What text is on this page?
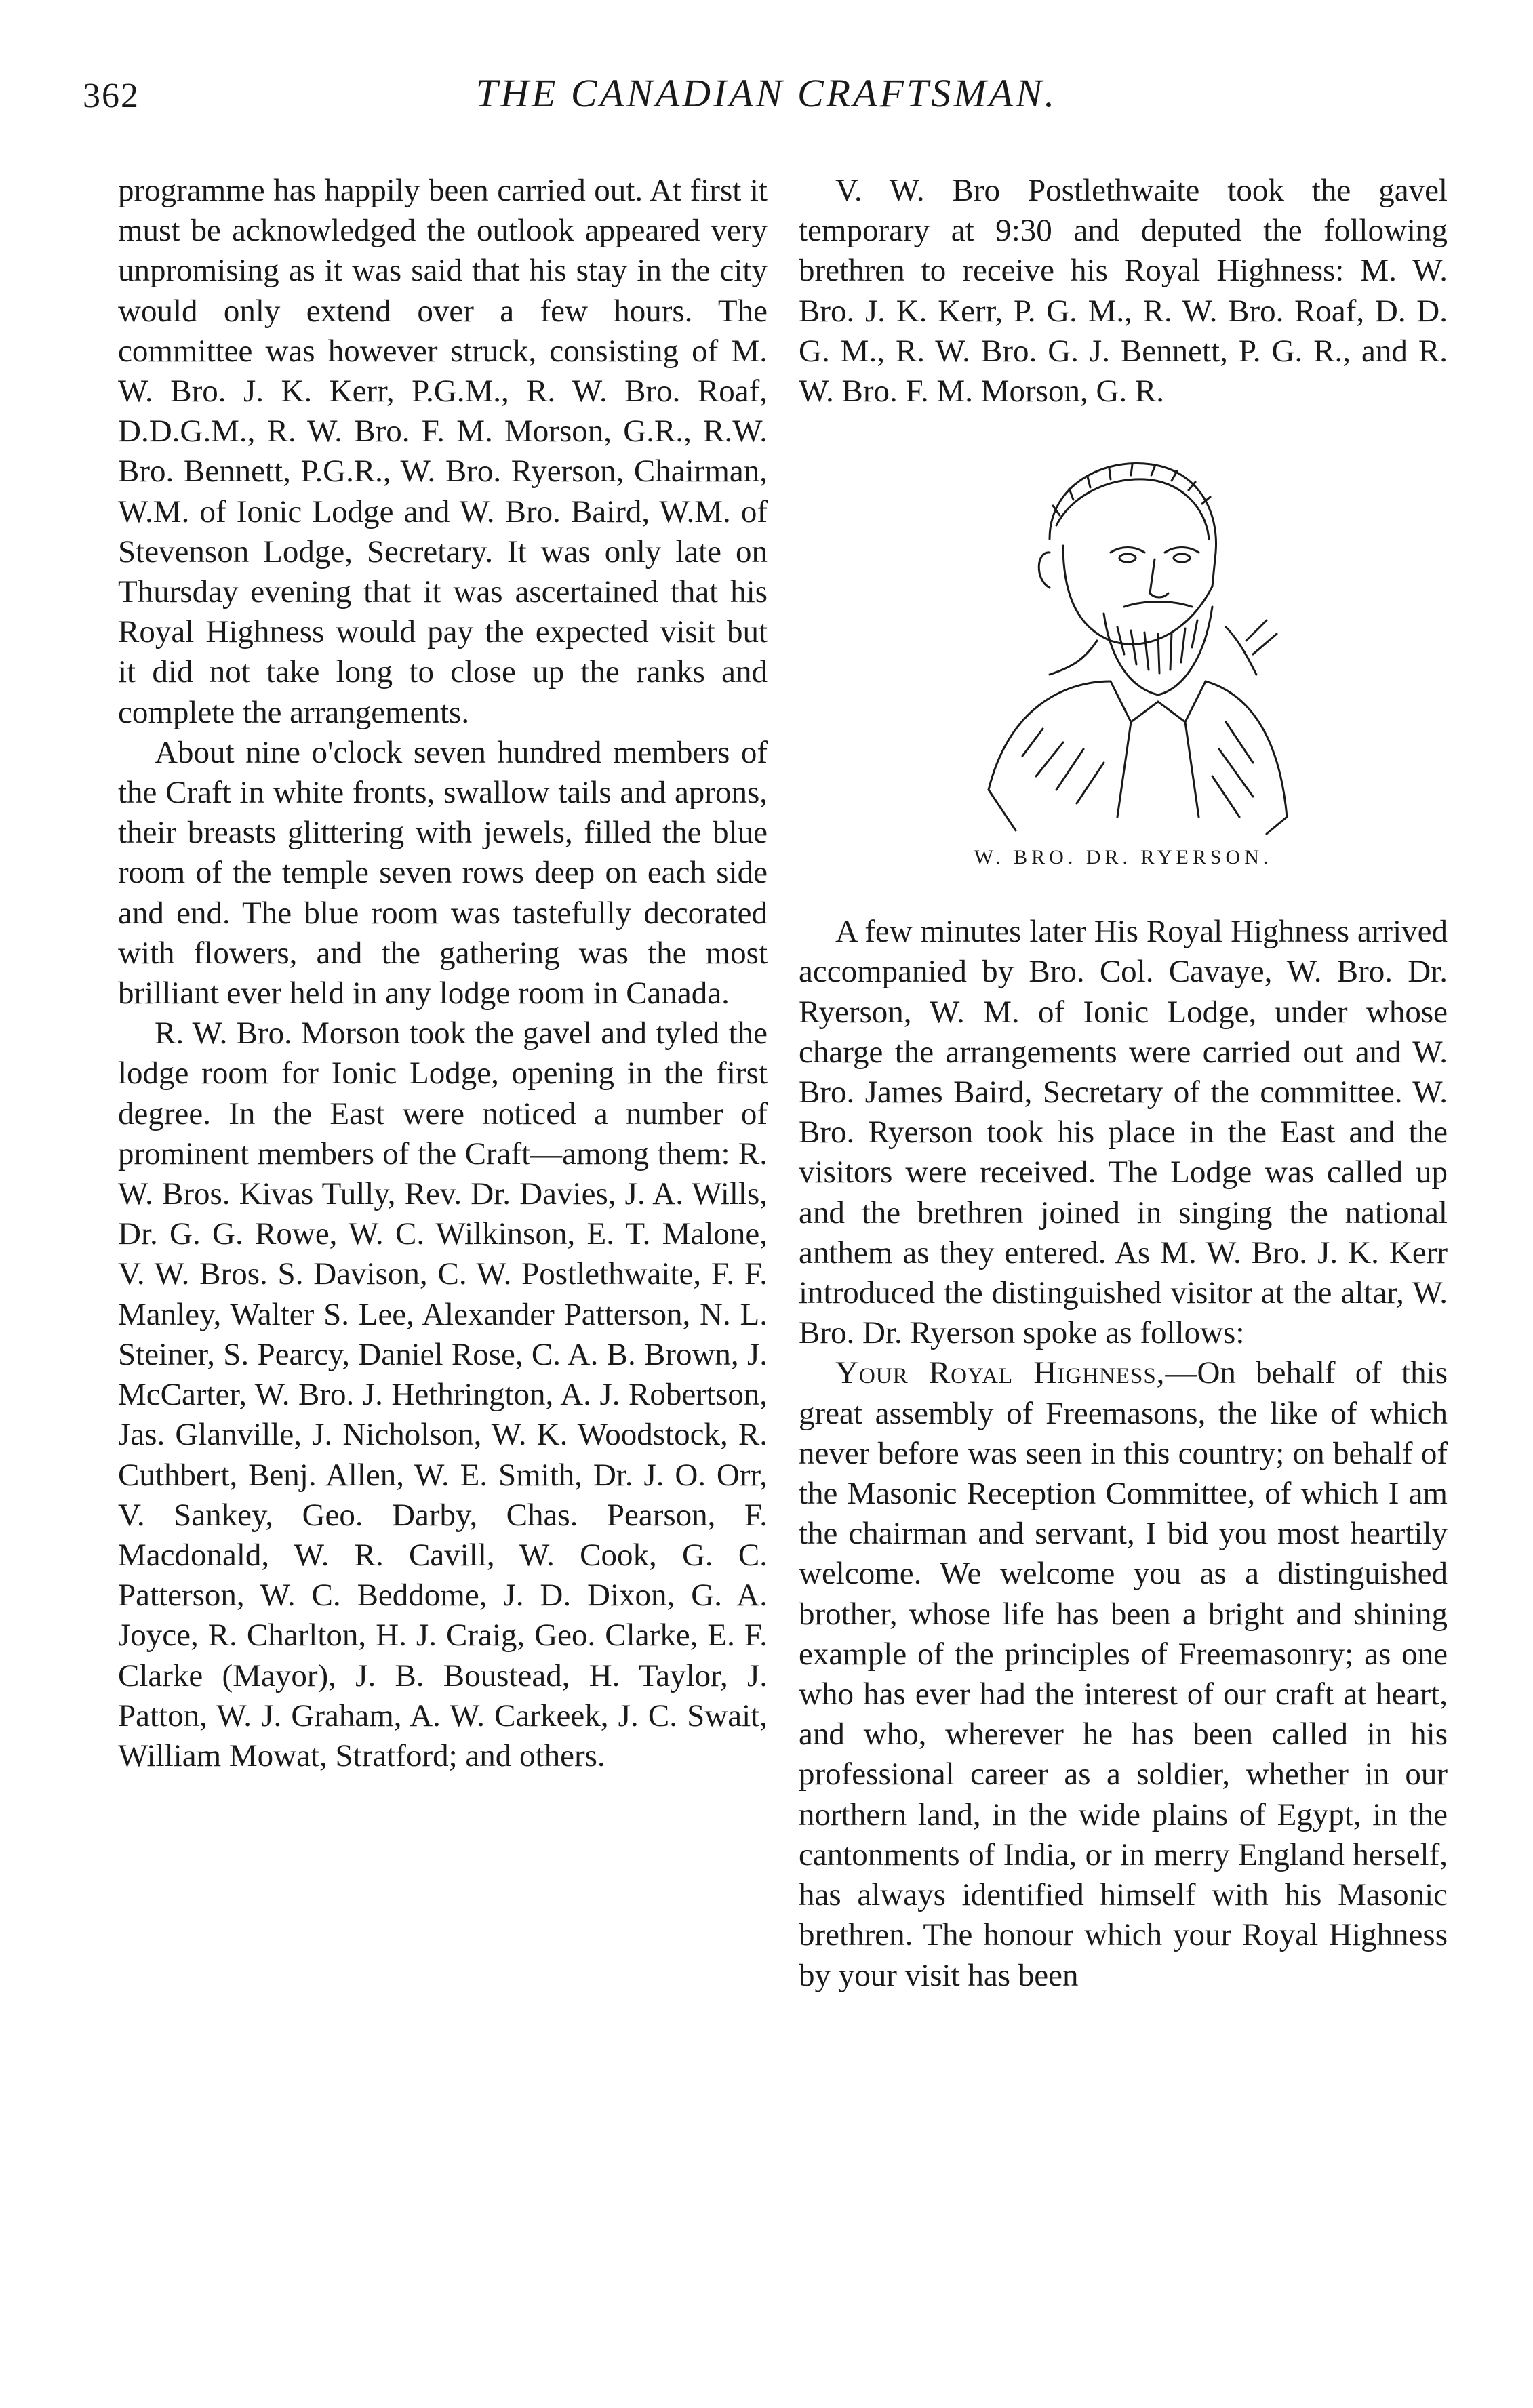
362	THE CANADIAN CRAFTSMAN.

programme has happily been carried out. At first it must be acknowledged the outlook appeared very unpromising as it was said that his stay in the city would only extend over a few hours. The committee was however struck, consisting of M. W. Bro. J. K. Kerr, P.G.M., R. W. Bro. Roaf, D.D.G.M., R. W. Bro. F. M. Morson, G.R., R.W. Bro. Bennett, P.G.R., W. Bro. Ryerson, Chairman, W.M. of Ionic Lodge and W. Bro. Baird, W.M. of Stevenson Lodge, Secretary. It was only late on Thursday evening that it was ascertained that his Royal Highness would pay the expected visit but it did not take long to close up the ranks and complete the arrangements.

About nine o'clock seven hundred members of the Craft in white fronts, swallow tails and aprons, their breasts glittering with jewels, filled the blue room of the temple seven rows deep on each side and end. The blue room was tastefully decorated with flowers, and the gathering was the most brilliant ever held in any lodge room in Canada.

R. W. Bro. Morson took the gavel and tyled the lodge room for Ionic Lodge, opening in the first degree. In the East were noticed a number of prominent members of the Craft—among them: R. W. Bros. Kivas Tully, Rev. Dr. Davies, J. A. Wills, Dr. G. G. Rowe, W. C. Wilkinson, E. T. Malone, V. W. Bros. S. Davison, C. W. Postlethwaite, F. F. Manley, Walter S. Lee, Alexander Patterson, N. L. Steiner, S. Pearcy, Daniel Rose, C. A. B. Brown, J. McCarter, W. Bro. J. Hethrington, A. J. Robertson, Jas. Glanville, J. Nicholson, W. K. Woodstock, R. Cuthbert, Benj. Allen, W. E. Smith, Dr. J. O. Orr, V. Sankey, Geo. Darby, Chas. Pearson, F. Macdonald, W. R. Cavill, W. Cook, G. C. Patterson, W. C. Beddome, J. D. Dixon, G. A. Joyce, R. Charlton, H. J. Craig, Geo. Clarke, E. F. Clarke (Mayor), J. B. Boustead, H. Taylor, J. Patton, W. J. Graham, A. W. Carkeek, J. C. Swait, William Mowat, Stratford; and others.

V. W. Bro Postlethwaite took the gavel temporary at 9:30 and deputed the following brethren to receive his Royal Highness: M. W. Bro. J. K. Kerr, P. G. M., R. W. Bro. Roaf, D. D. G. M., R. W. Bro. G. J. Bennett, P. G. R., and R. W. Bro. F. M. Morson, G. R.

W. BRO. DR. RYERSON.

A few minutes later His Royal Highness arrived accompanied by Bro. Col. Cavaye, W. Bro. Dr. Ryerson, W. M. of Ionic Lodge, under whose charge the arrangements were carried out and W. Bro. James Baird, Secretary of the committee. W. Bro. Ryerson took his place in the East and the visitors were received. The Lodge was called up and the brethren joined in singing the national anthem as they entered. As M. W. Bro. J. K. Kerr introduced the distinguished visitor at the altar, W. Bro. Dr. Ryerson spoke as follows:

Your Royal Highness,—On behalf of this great assembly of Freemasons, the like of which never before was seen in this country; on behalf of the Masonic Reception Committee, of which I am the chairman and servant, I bid you most heartily welcome. We welcome you as a distinguished brother, whose life has been a bright and shining example of the principles of Freemasonry; as one who has ever had the interest of our craft at heart, and who, wherever he has been called in his professional career as a soldier, whether in our northern land, in the wide plains of Egypt, in the cantonments of India, or in merry England herself, has always identified himself with his Masonic brethren. The honour which your Royal Highness by your visit has been
